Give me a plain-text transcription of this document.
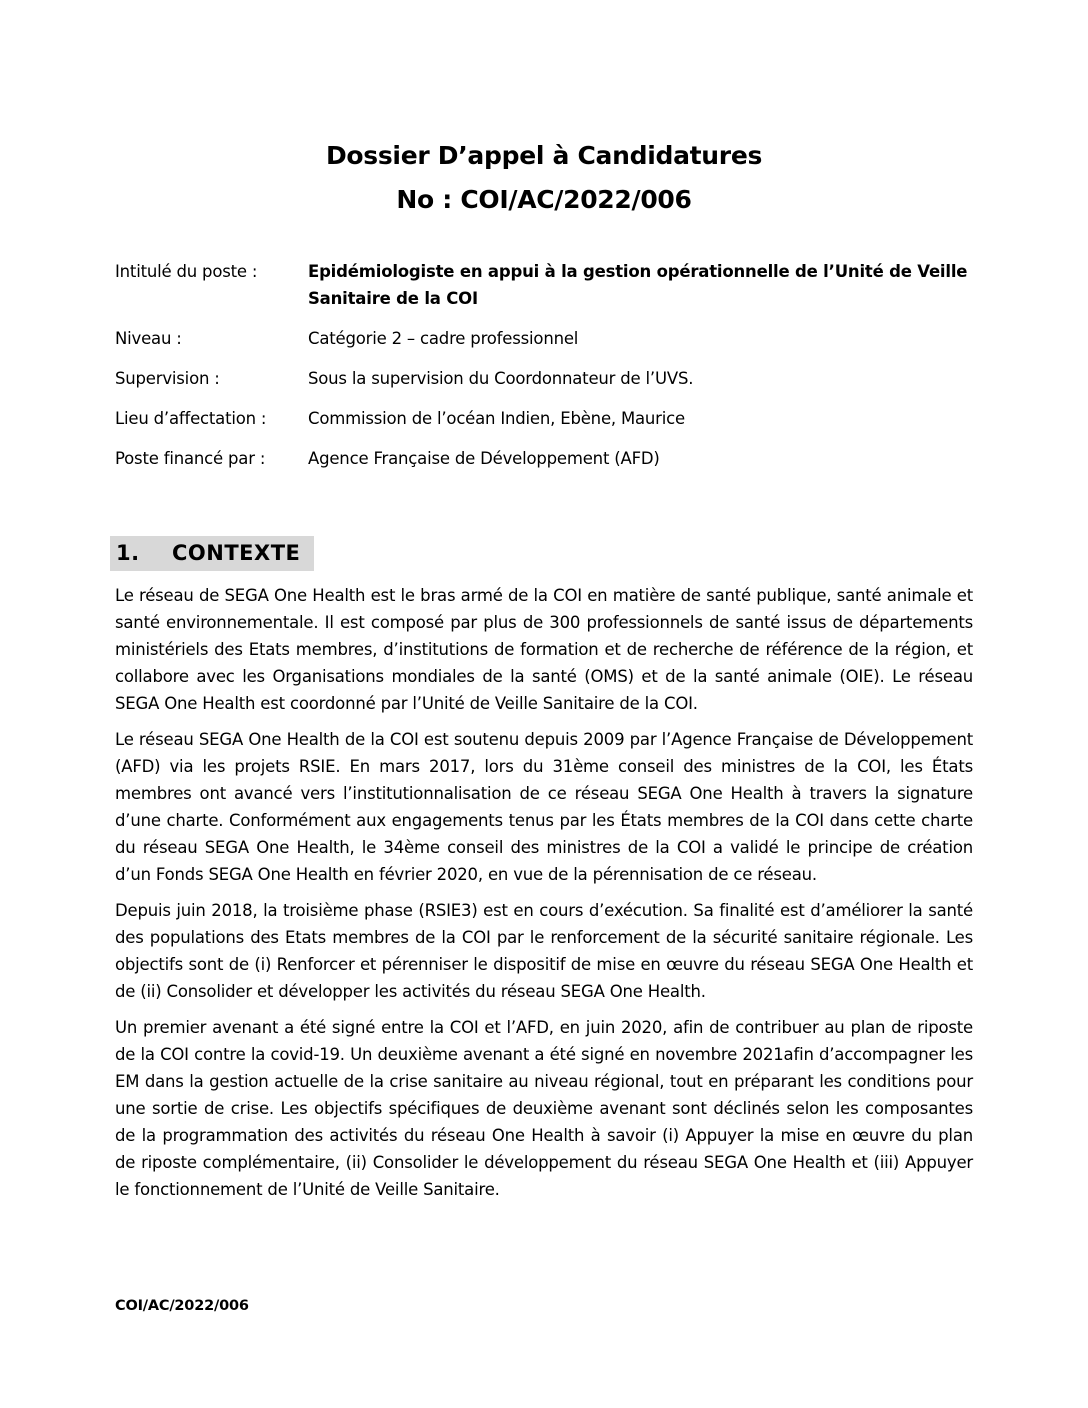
Dossier D’appel à Candidatures
No : COI/AC/2022/006
Intitulé du poste :	Epidémiologiste en appui à la gestion opérationnelle de l’Unité de Veille Sanitaire de la COI
Niveau :	Catégorie 2 – cadre professionnel
Supervision :	Sous la supervision du Coordonnateur de l’UVS.
Lieu d’affectation :	Commission de l’océan Indien, Ebène, Maurice
Poste financé par :	Agence Française de Développement (AFD)
1. CONTEXTE

Le réseau de SEGA One Health est le bras armé de la COI en matière de santé publique, santé animale et santé environnementale. Il est composé par plus de 300 professionnels de santé issus de départements ministériels des Etats membres, d’institutions de formation et de recherche de référence de la région, et collabore avec les Organisations mondiales de la santé (OMS) et de la santé animale (OIE). Le réseau SEGA One Health est coordonné par l’Unité de Veille Sanitaire de la COI.

Le réseau SEGA One Health de la COI est soutenu depuis 2009 par l’Agence Française de Développement (AFD) via les projets RSIE. En mars 2017, lors du 31ème conseil des ministres de la COI, les États membres ont avancé vers l’institutionnalisation de ce réseau SEGA One Health à travers la signature d’une charte. Conformément aux engagements tenus par les États membres de la COI dans cette charte du réseau SEGA One Health, le 34ème conseil des ministres de la COI a validé le principe de création d’un Fonds SEGA One Health en février 2020, en vue de la pérennisation de ce réseau.

Depuis juin 2018, la troisième phase (RSIE3) est en cours d’exécution. Sa finalité est d’améliorer la santé des populations des Etats membres de la COI par le renforcement de la sécurité sanitaire régionale. Les objectifs sont de (i) Renforcer et pérenniser le dispositif de mise en œuvre du réseau SEGA One Health et de (ii) Consolider et développer les activités du réseau SEGA One Health.

Un premier avenant a été signé entre la COI et l’AFD, en juin 2020, afin de contribuer au plan de riposte de la COI contre la covid-19. Un deuxième avenant a été signé en novembre 2021afin d’accompagner les EM dans la gestion actuelle de la crise sanitaire au niveau régional, tout en préparant les conditions pour une sortie de crise. Les objectifs spécifiques de deuxième avenant sont déclinés selon les composantes de la programmation des activités du réseau One Health à savoir (i) Appuyer la mise en œuvre du plan de riposte complémentaire, (ii) Consolider le développement du réseau SEGA One Health et (iii) Appuyer le fonctionnement de l’Unité de Veille Sanitaire.

COI/AC/2022/006
